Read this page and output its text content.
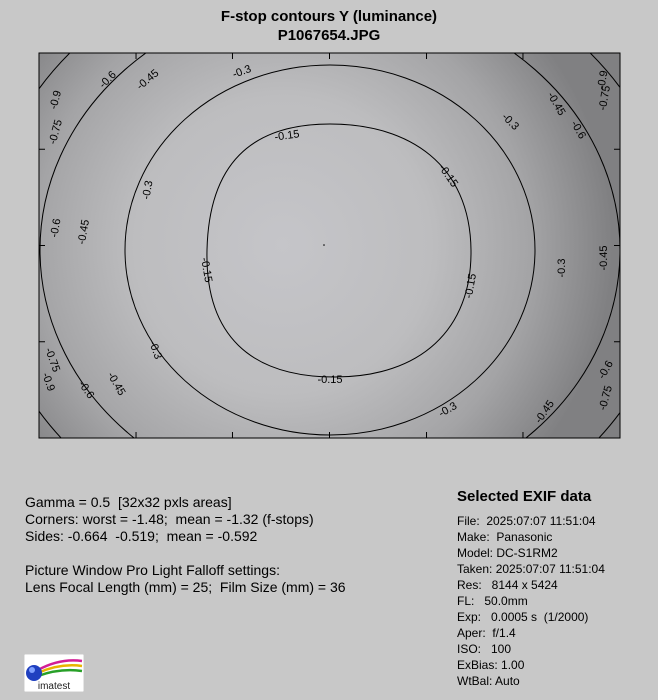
F-stop contours Y (luminance)
P1067654.JPG
-0.15
-0.15
-0.15
-0.15
-0.15
-0.3
-0.3
-0.3
-0.3
-0.3
-0.3
-0.45
-0.45
-0.45
-0.45
-0.45
-0.45
-0.6
-0.6
-0.6
-0.6
-0.6
-0.75
-0.75
-0.75
-0.75
-0.9
-0.9
-0.9
Gamma = 0.5  [32x32 pxls areas]
Corners: worst = -1.48;  mean = -1.32 (f-stops)
Sides: -0.664  -0.519;  mean = -0.592
Picture Window Pro Light Falloff settings:
Lens Focal Length (mm) = 25;  Film Size (mm) = 36
Selected EXIF data
File:  2025:07:07 11:51:04
Make:  Panasonic
Model: DC-S1RM2
Taken: 2025:07:07 11:51:04
Res:   8144 x 5424
FL:   50.0mm
Exp:   0.0005 s  (1/2000)
Aper:  f/1.4
ISO:   100
ExBias: 1.00
WtBal: Auto
imatest
